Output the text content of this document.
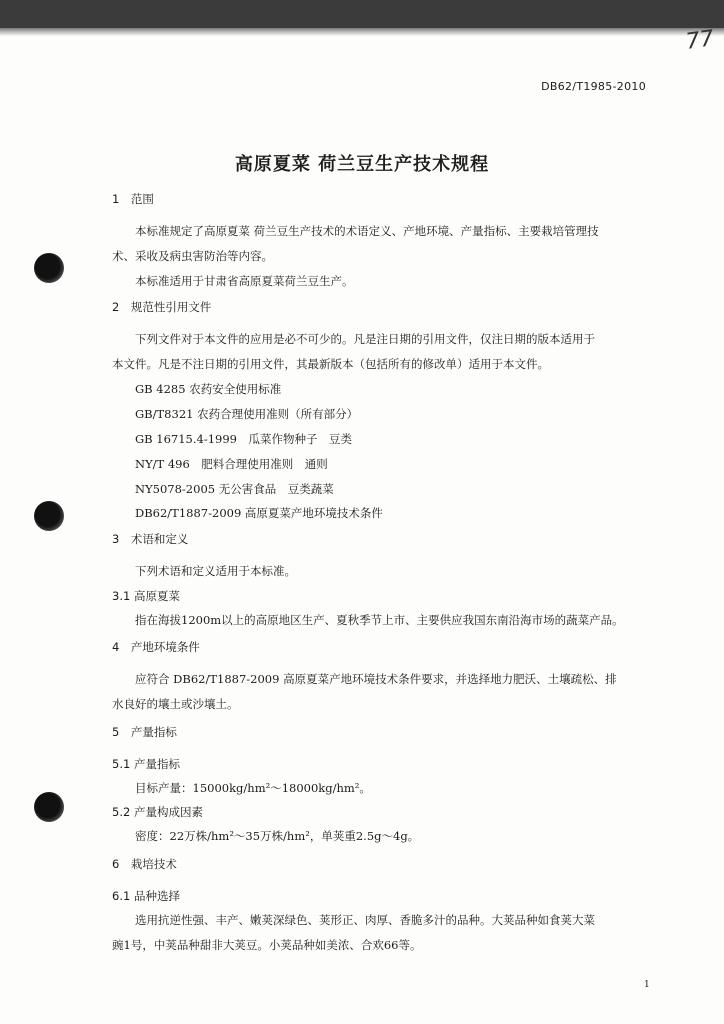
77
DB62/T1985-2010
高原夏菜 荷兰豆生产技术规程
1　范围
本标准规定了高原夏菜 荷兰豆生产技术的术语定义、产地环境、产量指标、主要栽培管理技
术、采收及病虫害防治等内容。
本标准适用于甘肃省高原夏菜荷兰豆生产。
2　规范性引用文件
下列文件对于本文件的应用是必不可少的。凡是注日期的引用文件，仅注日期的版本适用于
本文件。凡是不注日期的引用文件，其最新版本（包括所有的修改单）适用于本文件。
GB 4285 农药安全使用标准
GB/T8321 农药合理使用准则（所有部分）
GB 16715.4-1999　瓜菜作物种子　豆类
NY/T 496　肥料合理使用准则　通则
NY5078-2005 无公害食品　豆类蔬菜
DB62/T1887-2009 高原夏菜产地环境技术条件
3　术语和定义
下列术语和定义适用于本标准。
3.1 高原夏菜
指在海拔1200m以上的高原地区生产、夏秋季节上市、主要供应我国东南沿海市场的蔬菜产品。
4　产地环境条件
应符合 DB62/T1887-2009 高原夏菜产地环境技术条件要求，并选择地力肥沃、土壤疏松、排
水良好的壤土或沙壤土。
5　产量指标
5.1 产量指标
目标产量：15000kg/hm²～18000kg/hm²。
5.2 产量构成因素
密度：22万株/hm²～35万株/hm²，单荚重2.5g～4g。
6　栽培技术
6.1 品种选择
选用抗逆性强、丰产、嫩荚深绿色、荚形正、肉厚、香脆多汁的品种。大荚品种如食荚大菜
豌1号，中荚品种甜非大荚豆。小荚品种如美浓、合欢66等。
1
